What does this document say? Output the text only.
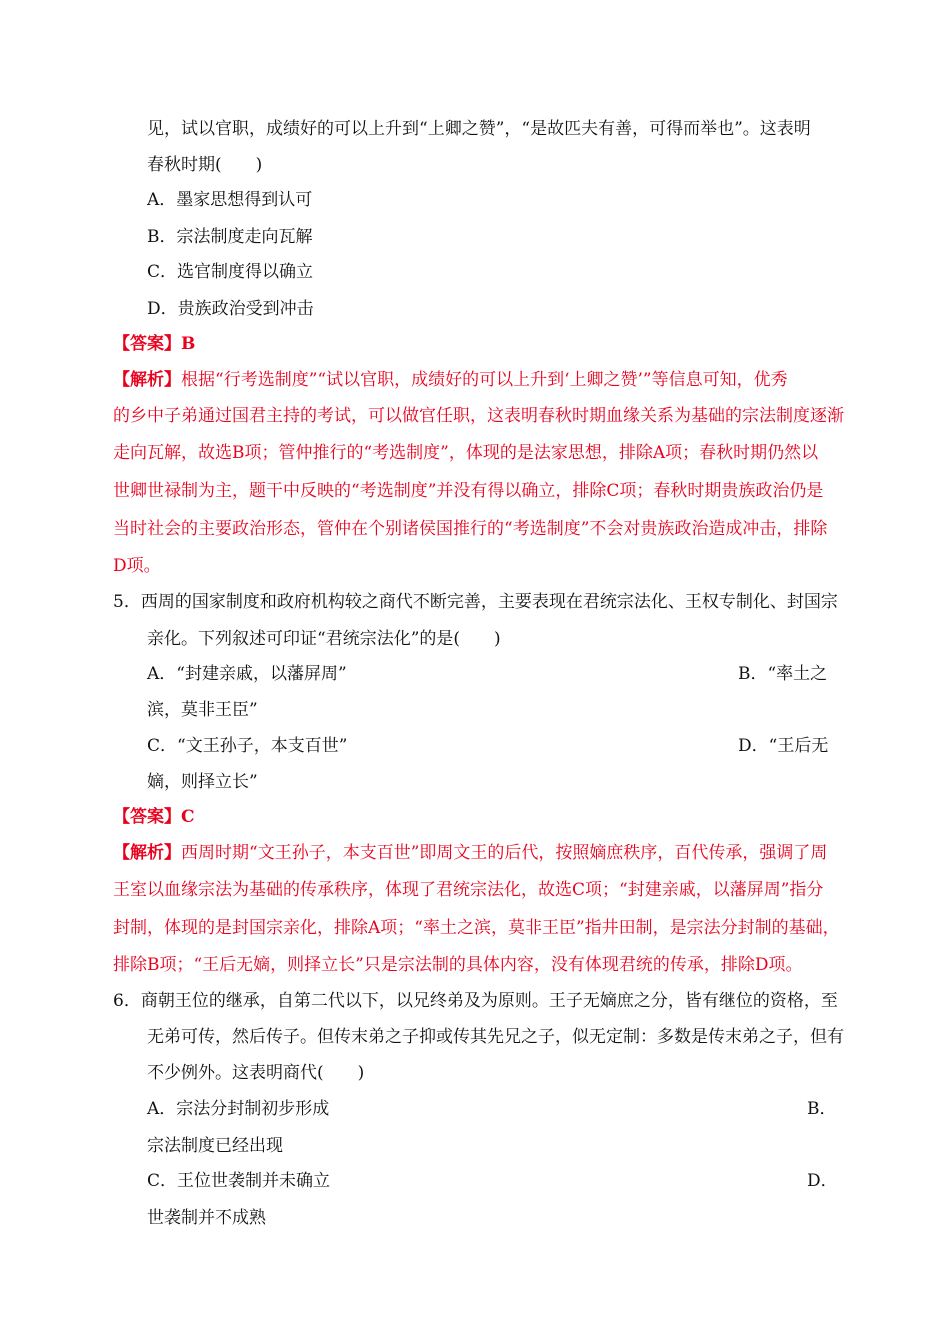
见，试以官职，成绩好的可以上升到“上卿之赞”，“是故匹夫有善，可得而举也”。这表明
春秋时期(　　)
A．墨家思想得到认可
B．宗法制度走向瓦解
C．选官制度得以确立
D．贵族政治受到冲击
【答案】B
【解析】根据“行考选制度”“试以官职，成绩好的可以上升到‘上卿之赞’”等信息可知，优秀
的乡中子弟通过国君主持的考试，可以做官任职，这表明春秋时期血缘关系为基础的宗法制度逐渐
走向瓦解，故选B项；管仲推行的“考选制度”，体现的是法家思想，排除A项；春秋时期仍然以
世卿世禄制为主，题干中反映的“考选制度”并没有得以确立，排除C项；春秋时期贵族政治仍是
当时社会的主要政治形态，管仲在个别诸侯国推行的“考选制度”不会对贵族政治造成冲击，排除
D项。
5．西周的国家制度和政府机构较之商代不断完善，主要表现在君统宗法化、王权专制化、封国宗
亲化。下列叙述可印证“君统宗法化”的是(　　)
A．“封建亲戚，以藩屏周”	B．“率土之
滨，莫非王臣”
C．“文王孙子，本支百世”	D．“王后无
嫡，则择立长”
【答案】C
【解析】西周时期“文王孙子，本支百世”即周文王的后代，按照嫡庶秩序，百代传承，强调了周
王室以血缘宗法为基础的传承秩序，体现了君统宗法化，故选C项；“封建亲戚，以藩屏周”指分
封制，体现的是封国宗亲化，排除A项；“率土之滨，莫非王臣”指井田制，是宗法分封制的基础，
排除B项；“王后无嫡，则择立长”只是宗法制的具体内容，没有体现君统的传承，排除D项。
6．商朝王位的继承，自第二代以下，以兄终弟及为原则。王子无嫡庶之分，皆有继位的资格，至
无弟可传，然后传子。但传末弟之子抑或传其先兄之子，似无定制：多数是传末弟之子，但有
不少例外。这表明商代(　　)
A．宗法分封制初步形成	B．
宗法制度已经出现
C．王位世袭制并未确立	D．
世袭制并不成熟
